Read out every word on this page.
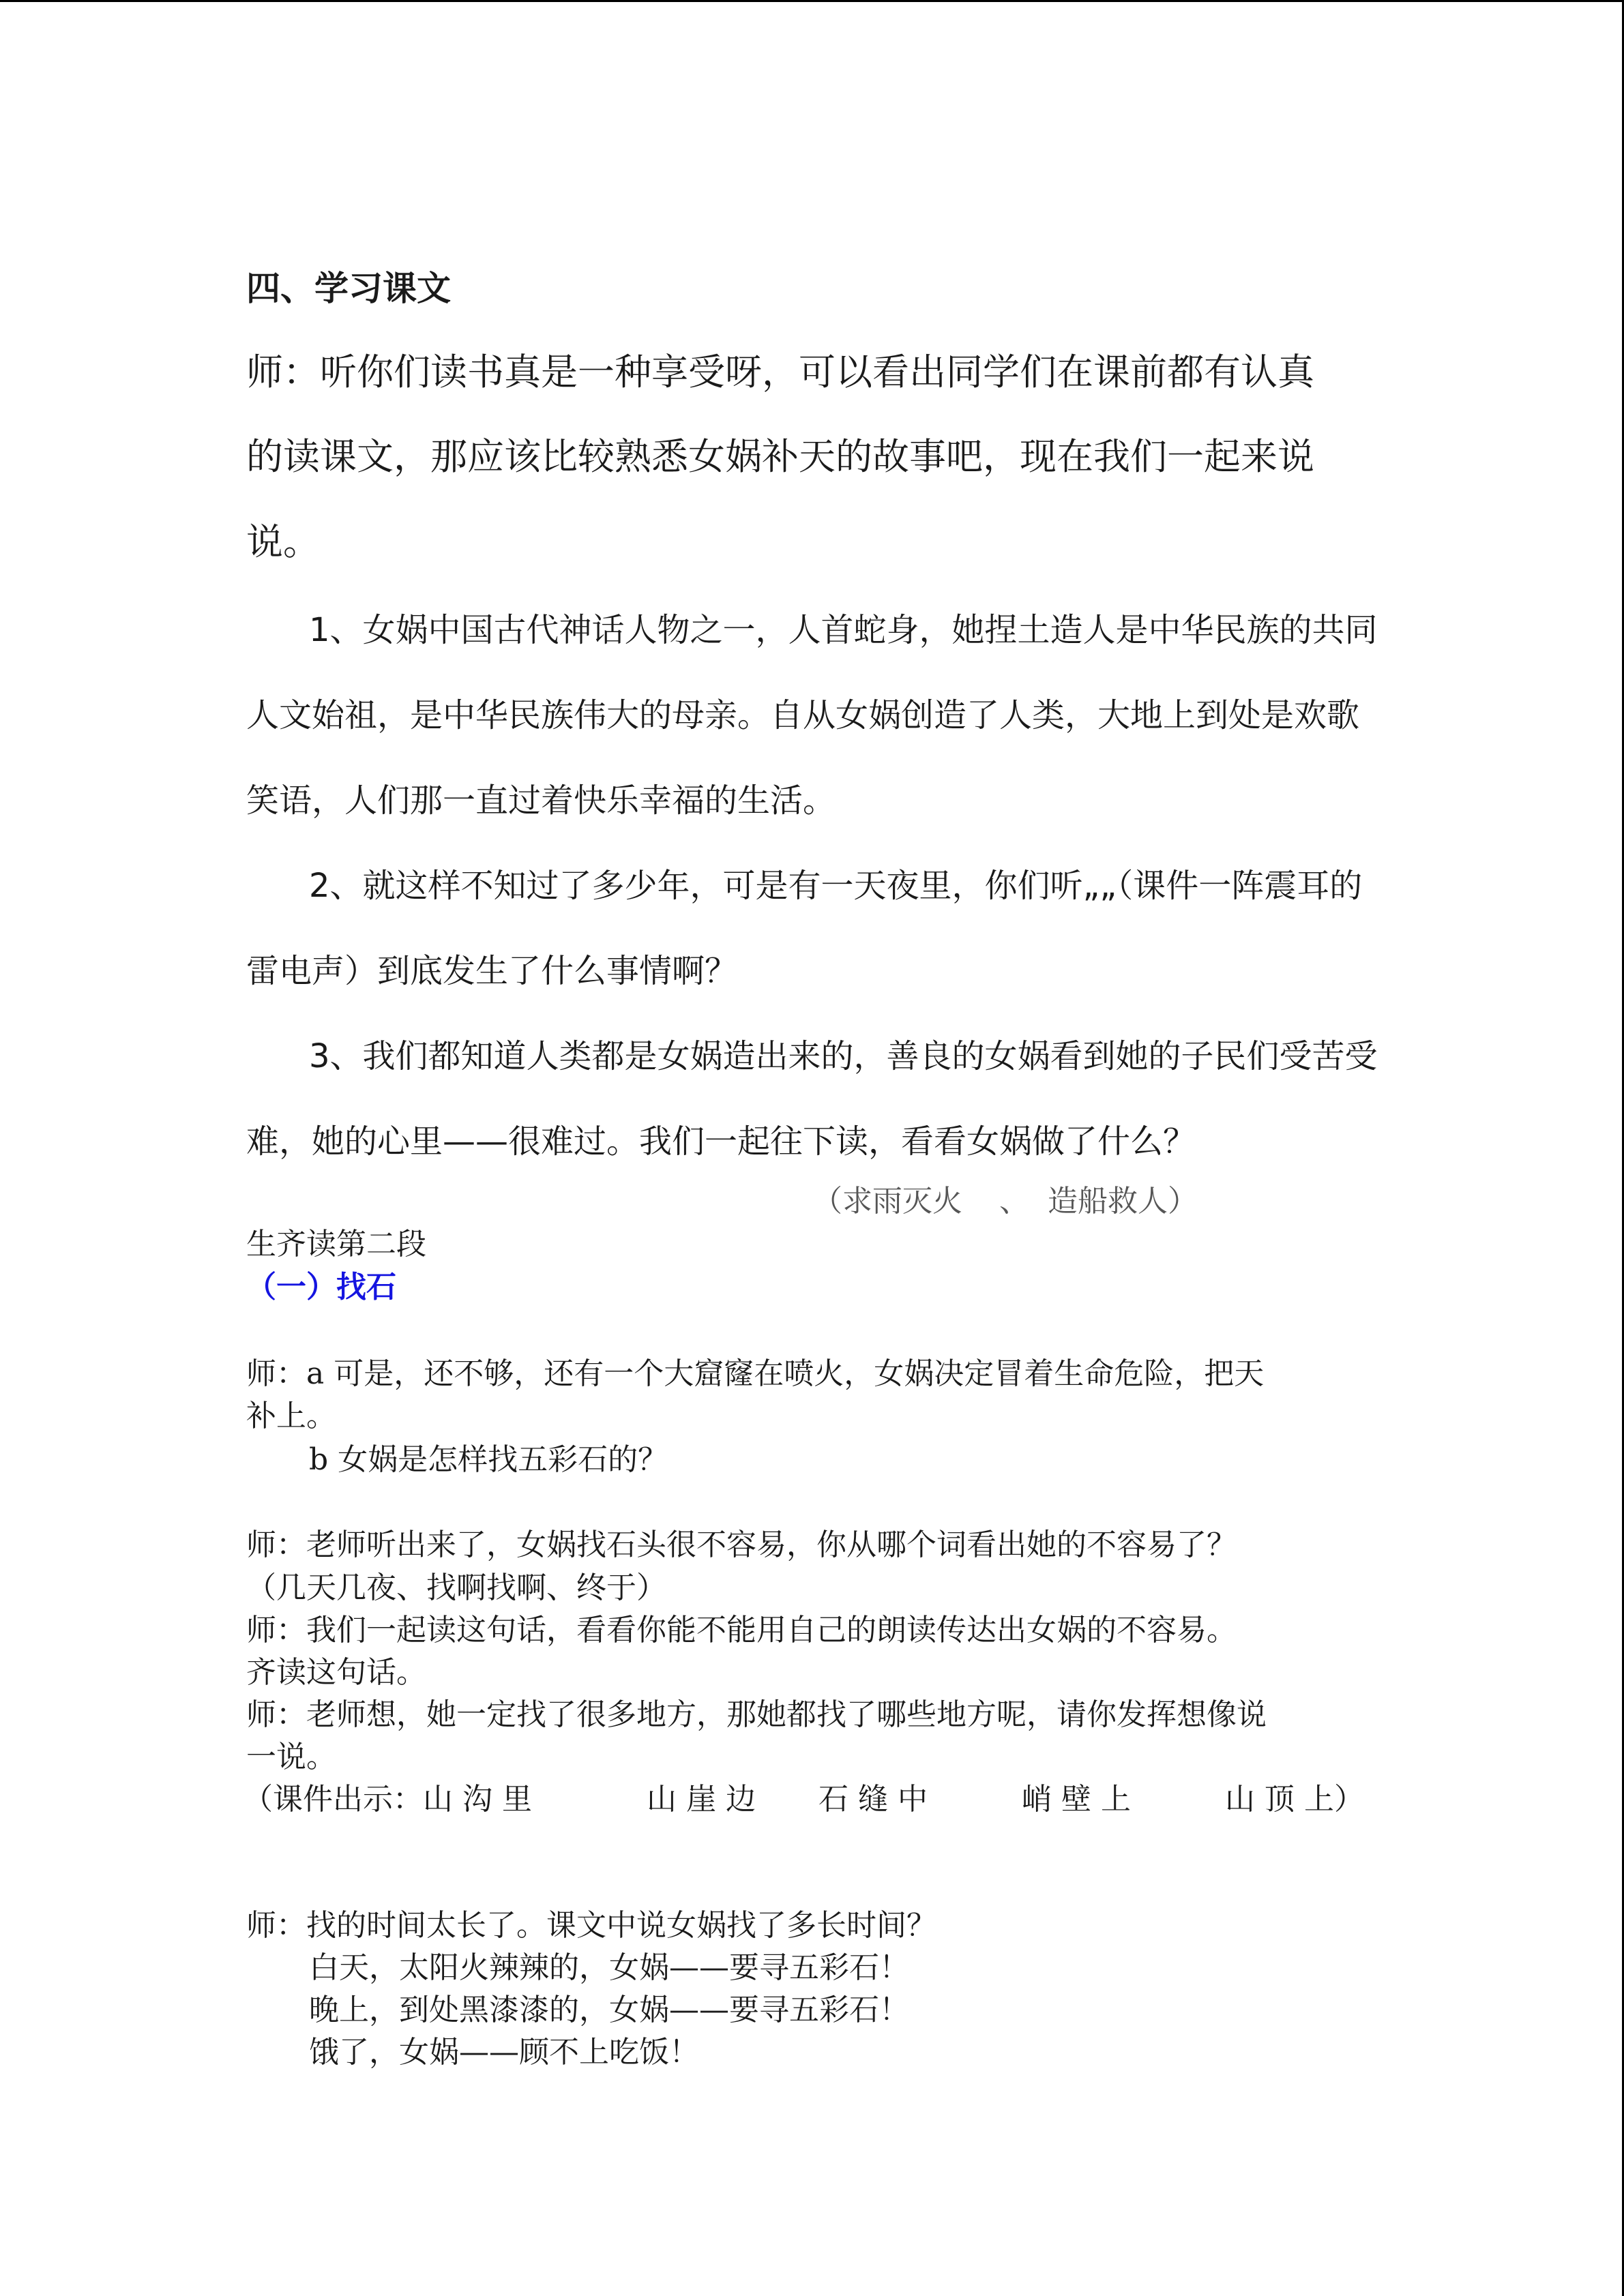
四、学习课文
师：听你们读书真是一种享受呀，可以看出同学们在课前都有认真
的读课文，那应该比较熟悉女娲补天的故事吧，现在我们一起来说
说。
1、女娲中国古代神话人物之一，人首蛇身，她捏土造人是中华民族的共同
人文始祖，是中华民族伟大的母亲。自从女娲创造了人类，大地上到处是欢歌
笑语，人们那一直过着快乐幸福的生活。
2、就这样不知过了多少年，可是有一天夜里，你们听„„（课件一阵震耳的
雷电声）到底发生了什么事情啊？
3、我们都知道人类都是女娲造出来的，善良的女娲看到她的子民们受苦受
难，她的心里——很难过。我们一起往下读，看看女娲做了什么？
（求雨灭火 、 造船救人）
生齐读第二段
（一）找石
师：a 可是，还不够，还有一个大窟窿在喷火，女娲决定冒着生命危险，把天
补上。
b 女娲是怎样找五彩石的？
师：老师听出来了，女娲找石头很不容易，你从哪个词看出她的不容易了？
（几天几夜、找啊找啊、终于）
师：我们一起读这句话，看看你能不能用自己的朗读传达出女娲的不容易。
齐读这句话。
师：老师想，她一定找了很多地方，那她都找了哪些地方呢，请你发挥想像说
一说。
（课件出示：山 沟 里	山 崖 边 石 缝 中	峭 壁 上	山 顶 上）
师：找的时间太长了。课文中说女娲找了多长时间？
白天，太阳火辣辣的，女娲——要寻五彩石！
晚上，到处黑漆漆的，女娲——要寻五彩石！
饿了，女娲——顾不上吃饭！
